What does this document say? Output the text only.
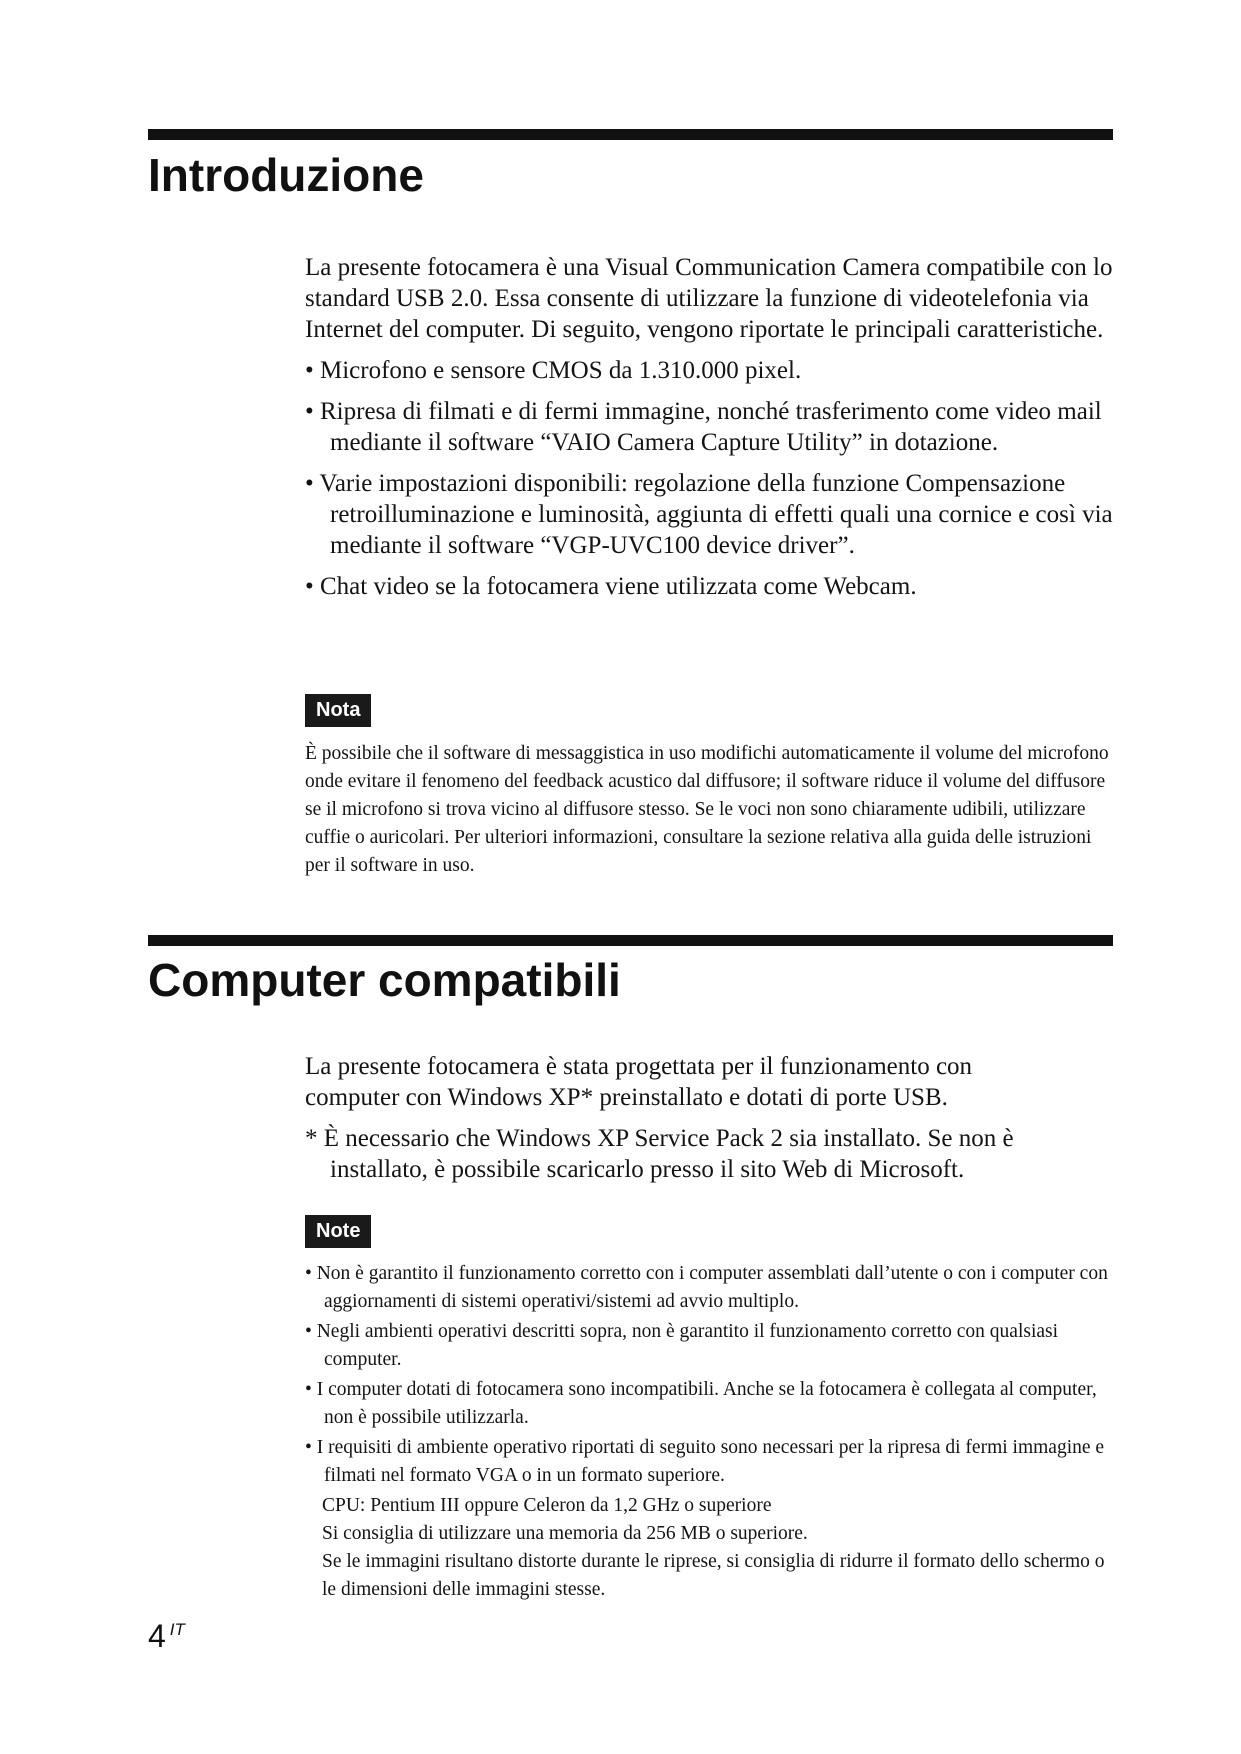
Introduzione

La presente fotocamera è una Visual Communication Camera compatibile con lo standard USB 2.0. Essa consente di utilizzare la funzione di videotelefonia via Internet del computer. Di seguito, vengono riportate le principali caratteristiche.

• Microfono e sensore CMOS da 1.310.000 pixel.

• Ripresa di filmati e di fermi immagine, nonché trasferimento come video mail mediante il software “VAIO Camera Capture Utility” in dotazione.

• Varie impostazioni disponibili: regolazione della funzione Compensazione retroilluminazione e luminosità, aggiunta di effetti quali una cornice e così via mediante il software “VGP-UVC100 device driver”.

• Chat video se la fotocamera viene utilizzata come Webcam.

Nota

È possibile che il software di messaggistica in uso modifichi automaticamente il volume del microfono onde evitare il fenomeno del feedback acustico dal diffusore; il software riduce il volume del diffusore se il microfono si trova vicino al diffusore stesso. Se le voci non sono chiaramente udibili, utilizzare cuffie o auricolari. Per ulteriori informazioni, consultare la sezione relativa alla guida delle istruzioni per il software in uso.

Computer compatibili

La presente fotocamera è stata progettata per il funzionamento con computer con Windows XP* preinstallato e dotati di porte USB.

* È necessario che Windows XP Service Pack 2 sia installato. Se non è installato, è possibile scaricarlo presso il sito Web di Microsoft.

Note

• Non è garantito il funzionamento corretto con i computer assemblati dall’utente o con i computer con aggiornamenti di sistemi operativi/sistemi ad avvio multiplo.

• Negli ambienti operativi descritti sopra, non è garantito il funzionamento corretto con qualsiasi computer.

• I computer dotati di fotocamera sono incompatibili. Anche se la fotocamera è collegata al computer, non è possibile utilizzarla.

• I requisiti di ambiente operativo riportati di seguito sono necessari per la ripresa di fermi immagine e filmati nel formato VGA o in un formato superiore.

CPU: Pentium III oppure Celeron da 1,2 GHz o superiore

Si consiglia di utilizzare una memoria da 256 MB o superiore.

Se le immagini risultano distorte durante le riprese, si consiglia di ridurre il formato dello schermo o le dimensioni delle immagini stesse.

4 $^{IT}$
